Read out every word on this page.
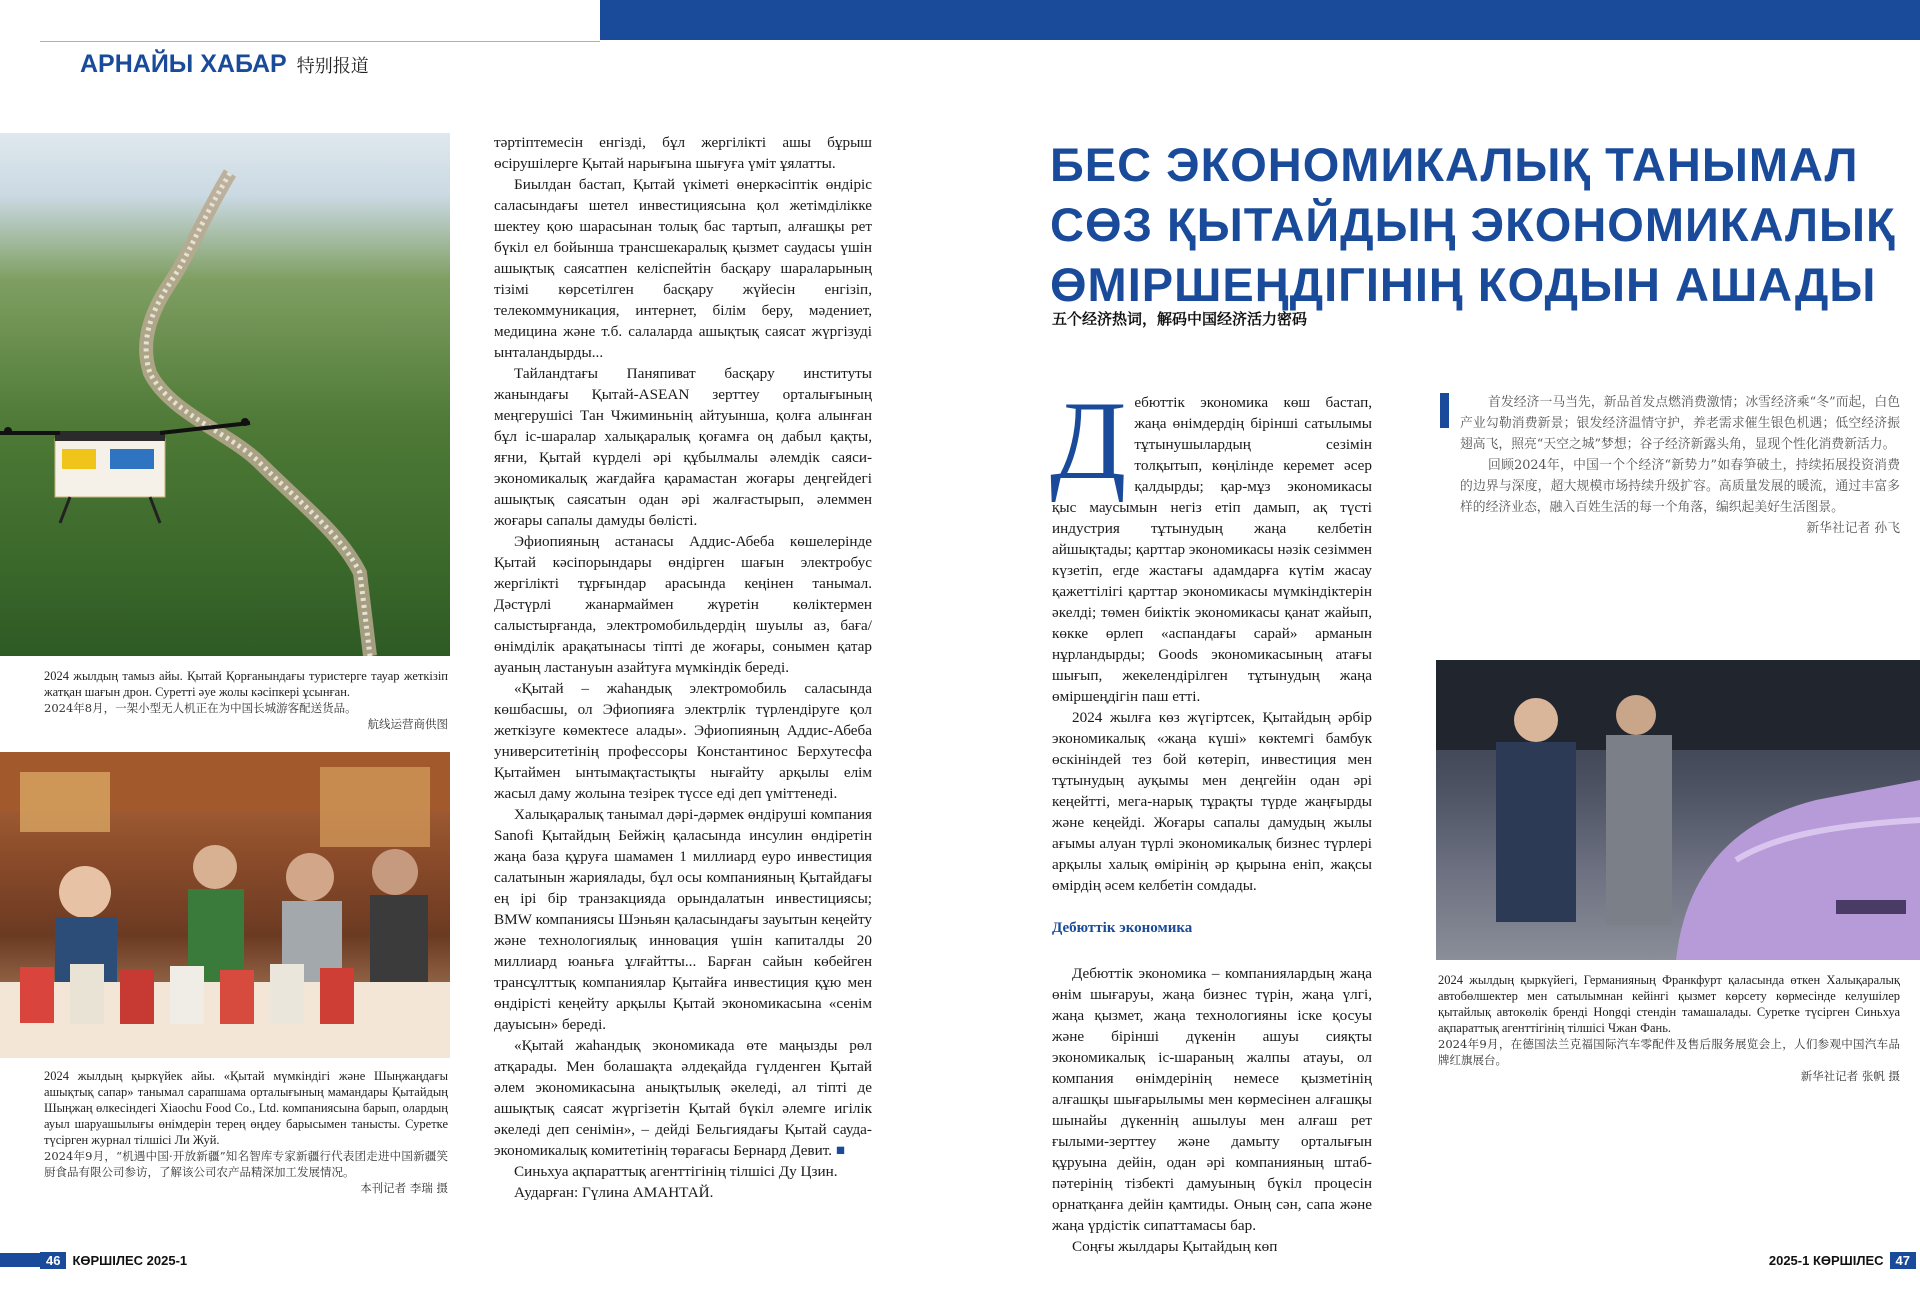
АРНАЙЫ ХАБАР 特别报道

2024 жылдың тамыз айы. Қытай Қорғанындағы туристерге тауар жеткізіп жатқан шағын дрон. Суретті әуе жолы кәсіпкері ұсынған.

2024年8月，一架小型无人机正在为中国长城游客配送货品。

航线运营商供图

2024 жылдың қыркүйек айы. «Қытай мүмкіндігі және Шыңжаңдағы ашықтық сапар» танымал сарапшама орталығының мамандары Қытайдың Шыңжаң өлкесіндегі Xiaochu Food Co., Ltd. компаниясына барып, олардың ауыл шаруашылығы өнімдерін терең өңдеу барысымен танысты. Суретке түсірген журнал тілшісі Ли Жуй.

2024年9月，“机遇中国·开放新疆”知名智库专家新疆行代表团走进中国新疆笑厨食品有限公司参访，了解该公司农产品精深加工发展情况。

本刊记者 李瑞 摄

тәртіптемесін енгізді, бұл жергілікті ашы бұрыш өсірушілерге Қытай нарығына шығуға үміт ұялатты.

Биылдан бастап, Қытай үкіметі өнеркәсіптік өндіріс саласындағы шетел инвестициясына қол жетімділікке шектеу қою шарасынан толық бас тартып, алғашқы рет бүкіл ел бойынша трансшекаралық қызмет саудасы үшін ашықтық саясатпен келіспейтін басқару шараларының тізімі көрсетілген басқару жүйесін енгізіп, телекоммуникация, интернет, білім беру, мәдениет, медицина және т.б. салаларда ашықтық саясат жүргізуді ынталандырды...

Тайландтағы Паняпиват басқару институты жанындағы Қытай-ASEAN зерттеу орталығының меңгерушісі Тан Чжиминьнің айтуынша, қолға алынған бұл іс-шаралар халықаралық қоғамға оң дабыл қақты, яғни, Қытай күрделі әрі құбылмалы әлемдік саяси-экономикалық жағдайға қарамастан жоғары деңгейдегі ашықтық саясатын одан әрі жалғастырып, әлеммен жоғары сапалы дамуды бөлісті.

Эфиопияның астанасы Аддис-Абеба көшелерінде Қытай кәсіпорындары өндірген шағын электробус жергілікті тұрғындар арасында кеңінен танымал. Дәстүрлі жанармаймен жүретін көліктермен салыстырғанда, электромобильдердің шуылы аз, баға/өнімділік арақатынасы тіпті де жоғары, сонымен қатар ауаның ластануын азайтуға мүмкіндік береді.

«Қытай – жаһандық электромобиль саласында көшбасшы, ол Эфиопияға электрлік түрлендіруге қол жеткізуге көмектесе алады». Эфиопияның Аддис-Абеба университетінің профессоры Константинос Берхутесфа Қытаймен ынтымақтастықты нығайту арқылы елім жасыл даму жолына тезірек түссе еді деп үміттенеді.

Халықаралық танымал дәрі-дәрмек өндіруші компания Sanofi Қытайдың Бейжің қаласында инсулин өндіретін жаңа база құруға шамамен 1 миллиард еуро инвестиция салатынын жариялады, бұл осы компанияның Қытайдағы ең ірі бір транзакцияда орындалатын инвестициясы; BMW компаниясы Шэньян қаласындағы зауытын кеңейту және технологиялық инновация үшін капиталды 20 миллиард юаньға ұлғайтты... Барған сайын көбейген трансұлттық компаниялар Қытайға инвестиция құю мен өндірісті кеңейту арқылы Қытай экономикасына «сенім дауысын» береді.

«Қытай жаһандық экономикада өте маңызды рөл атқарады. Мен болашақта әлдеқайда гүлденген Қытай әлем экономикасына анықтылық әкеледі, ал тіпті де ашықтық саясат жүргізетін Қытай бүкіл әлемге игілік әкеледі деп сенімін», – дейді Бельгиядағы Қытай сауда-экономикалық комитетінің төрағасы Бернард Девит. ■

Синьхуа ақпараттық агенттігінің тілшісі Ду Цзин.

Аударған: Гүлина АМАНТАЙ.

БЕС ЭКОНОМИКАЛЫҚ ТАНЫМАЛ
СӨЗ ҚЫТАЙДЫҢ ЭКОНОМИКАЛЫҚ
ӨМІРШЕҢДІГІНІҢ КОДЫН АШАДЫ
五个经济热词，解码中国经济活力密码

Дебюттік экономика көш бастап, жаңа өнімдердің бірінші сатылымы тұтынушылардың сезімін толқытып, көңілінде керемет әсер қалдырды; қар-мұз экономикасы қыс маусымын негіз етіп дамып, ақ түсті индустрия тұтынудың жаңа келбетін айшықтады; қарттар экономикасы нәзік сезіммен күзетіп, егде жастағы адамдарға күтім жасау қажеттілігі қарттар экономикасы мүмкіндіктерін әкелді; төмен биіктік экономикасы қанат жайып, көкке өрлеп «аспандағы сарай» арманын нұрландырды; Goods экономикасының атағы шығып, жекелендірілген тұтынудың жаңа өміршеңдігін паш етті.

2024 жылға көз жүгіртсек, Қытайдың әрбір экономикалық «жаңа күші» көктемгі бамбук өскініндей тез бой көтеріп, инвестиция мен тұтынудың ауқымы мен деңгейін одан әрі кеңейтті, мега-нарық тұрақты түрде жаңғырды және кеңейді. Жоғары сапалы дамудың жылы ағымы алуан түрлі экономикалық бизнес түрлері арқылы халық өмірінің әр қырына еніп, жақсы өмірдің әсем келбетін сомдады.

Дебюттік экономика

Дебюттік экономика – компаниялардың жаңа өнім шығаруы, жаңа бизнес түрін, жаңа үлгі, жаңа қызмет, жаңа технологияны іске қосуы және бірінші дүкенін ашуы сияқты экономикалық іс-шараның жалпы атауы, ол компания өнімдерінің немесе қызметінің алғашқы шығарылымы мен көрмесінен алғашқы шынайы дүкеннің ашылуы мен алғаш рет ғылыми-зерттеу және дамыту орталығын құруына дейін, одан әрі компанияның штаб-пәтерінің тізбекті дамуының бүкіл процесін орнатқанға дейін қамтиды. Оның сән, сапа және жаңа үрдістік сипаттамасы бар.

Соңғы жылдары Қытайдың көп

首发经济一马当先，新品首发点燃消费激情；冰雪经济乘“冬”而起，白色产业勾勒消费新景；银发经济温情守护，养老需求催生银色机遇；低空经济振翅高飞，照亮“天空之城”梦想；谷子经济新露头角，显现个性化消费新活力。

回顾2024年，中国一个个经济“新势力”如春笋破土，持续拓展投资消费的边界与深度，超大规模市场持续升级扩容。高质量发展的暖流，通过丰富多样的经济业态，融入百姓生活的每一个角落，编织起美好生活图景。

新华社记者 孙飞

2024 жылдың қыркүйегі, Германияның Франкфурт қаласында өткен Халықаралық автобөлшектер мен сатылымнан кейінгі қызмет көрсету көрмесінде келушілер қытайлық автокөлік бренді Hongqi стендін тамашалады. Суретке түсірген Синьхуа ақпараттық агенттігінің тілшісі Чжан Фань.

2024年9月，在德国法兰克福国际汽车零配件及售后服务展览会上，人们参观中国汽车品牌红旗展台。

新华社记者 张帆 摄

46 КӨРШІЛЕС 2025-1	2025-1 КӨРШІЛЕС 47
